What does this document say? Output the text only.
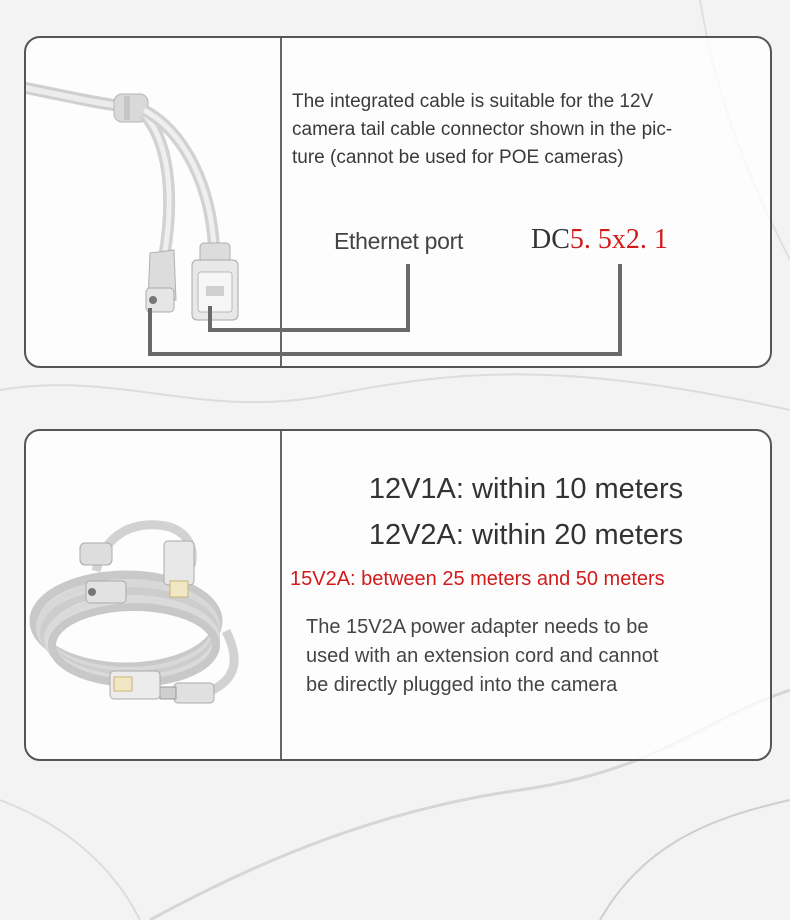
The integrated cable is suitable for the 12V
camera tail cable connector shown in the pic-
ture (cannot be used for POE cameras)
Ethernet port DC5. 5x2. 1
12V1A: within 10 meters
12V2A: within 20 meters
15V2A: between 25 meters and 50 meters
The 15V2A power adapter needs to be
used with an extension cord and cannot
be directly plugged into the camera
